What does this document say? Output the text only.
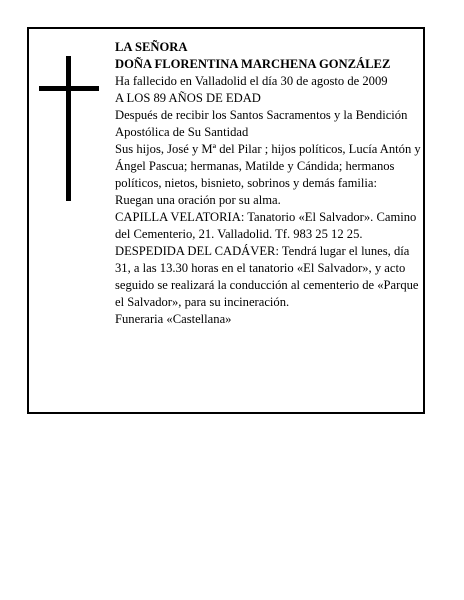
LA SEÑORA

DOÑA FLORENTINA MARCHENA GONZÁLEZ

Ha fallecido en Valladolid el día 30 de agosto de 2009

A LOS 89 AÑOS DE EDAD

Después de recibir los Santos Sacramentos y la Bendición Apostólica de Su Santidad

Sus hijos, José y Mª del Pilar ; hijos políticos, Lucía Antón y Ángel Pascua; hermanas, Matilde y Cándida; hermanos políticos, nietos, bisnieto, sobrinos y demás familia:

Ruegan una oración por su alma.

CAPILLA VELATORIA: Tanatorio «El Salvador». Camino del Cementerio, 21. Valladolid. Tf. 983 25 12 25.

DESPEDIDA DEL CADÁVER: Tendrá lugar el lunes, día 31, a las 13.30 horas en el tanatorio «El Salvador», y acto seguido se realizará la conducción al cementerio de «Parque el Salvador», para su incineración.

Funeraria «Castellana»
